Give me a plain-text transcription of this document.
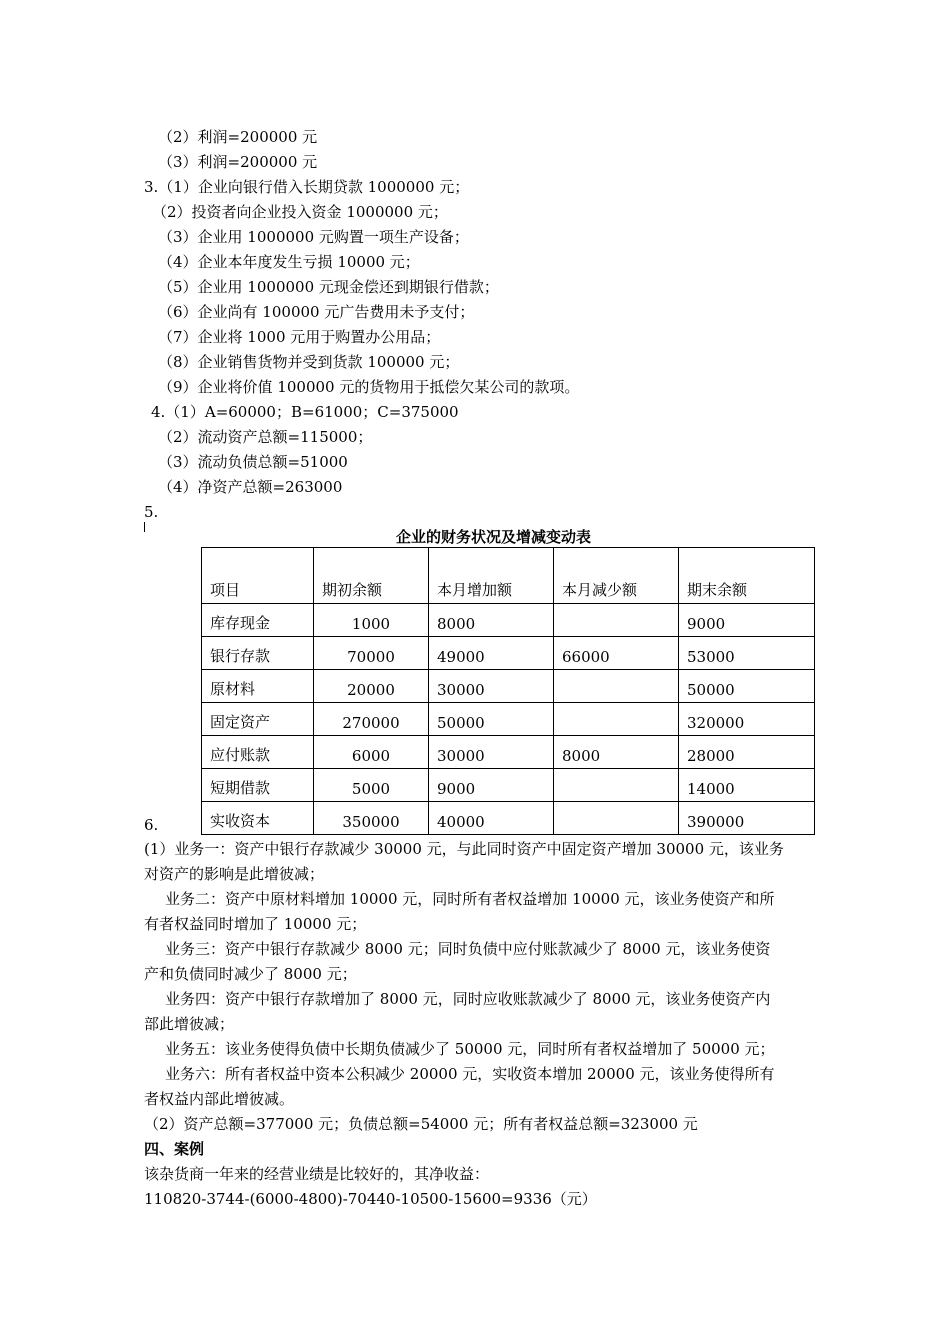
（2）利润=200000 元
（3）利润=200000 元
3.（1）企业向银行借入长期贷款 1000000 元；
（2）投资者向企业投入资金 1000000 元；
（3）企业用 1000000 元购置一项生产设备；
（4）企业本年度发生亏损 10000 元；
（5）企业用 1000000 元现金偿还到期银行借款；
（6）企业尚有 100000 元广告费用未予支付；
（7）企业将 1000 元用于购置办公用品；
（8）企业销售货物并受到货款 100000 元；
（9）企业将价值 100000 元的货物用于抵偿欠某公司的款项。
4.（1）A=60000；B=61000；C=375000
（2）流动资产总额=115000；
（3）流动负债总额=51000
（4）净资产总额=263000
5.
企业的财务状况及增减变动表
项目	期初余额	本月增加额	本月减少额	期末余额
库存现金	1000	8000		9000
银行存款	70000	49000	66000	53000
原材料	20000	30000		50000
固定资产	270000	50000		320000
应付账款	6000	30000	8000	28000
短期借款	5000	9000		14000
实收资本	350000	40000		390000
6.
(1）业务一：资产中银行存款减少 30000 元，与此同时资产中固定资产增加 30000 元，该业务
对资产的影响是此增彼减；
业务二：资产中原材料增加 10000 元，同时所有者权益增加 10000 元，该业务使资产和所
有者权益同时增加了 10000 元；
业务三：资产中银行存款减少 8000 元；同时负债中应付账款减少了 8000 元，该业务使资
产和负债同时减少了 8000 元；
业务四：资产中银行存款增加了 8000 元，同时应收账款减少了 8000 元，该业务使资产内
部此增彼减；
业务五：该业务使得负债中长期负债减少了 50000 元，同时所有者权益增加了 50000 元；
业务六：所有者权益中资本公积减少 20000 元，实收资本增加 20000 元，该业务使得所有
者权益内部此增彼减。
（2）资产总额=377000 元；负债总额=54000 元；所有者权益总额=323000 元
四、案例
该杂货商一年来的经营业绩是比较好的，其净收益：
110820-3744-(6000-4800)-70440-10500-15600=9336（元）
